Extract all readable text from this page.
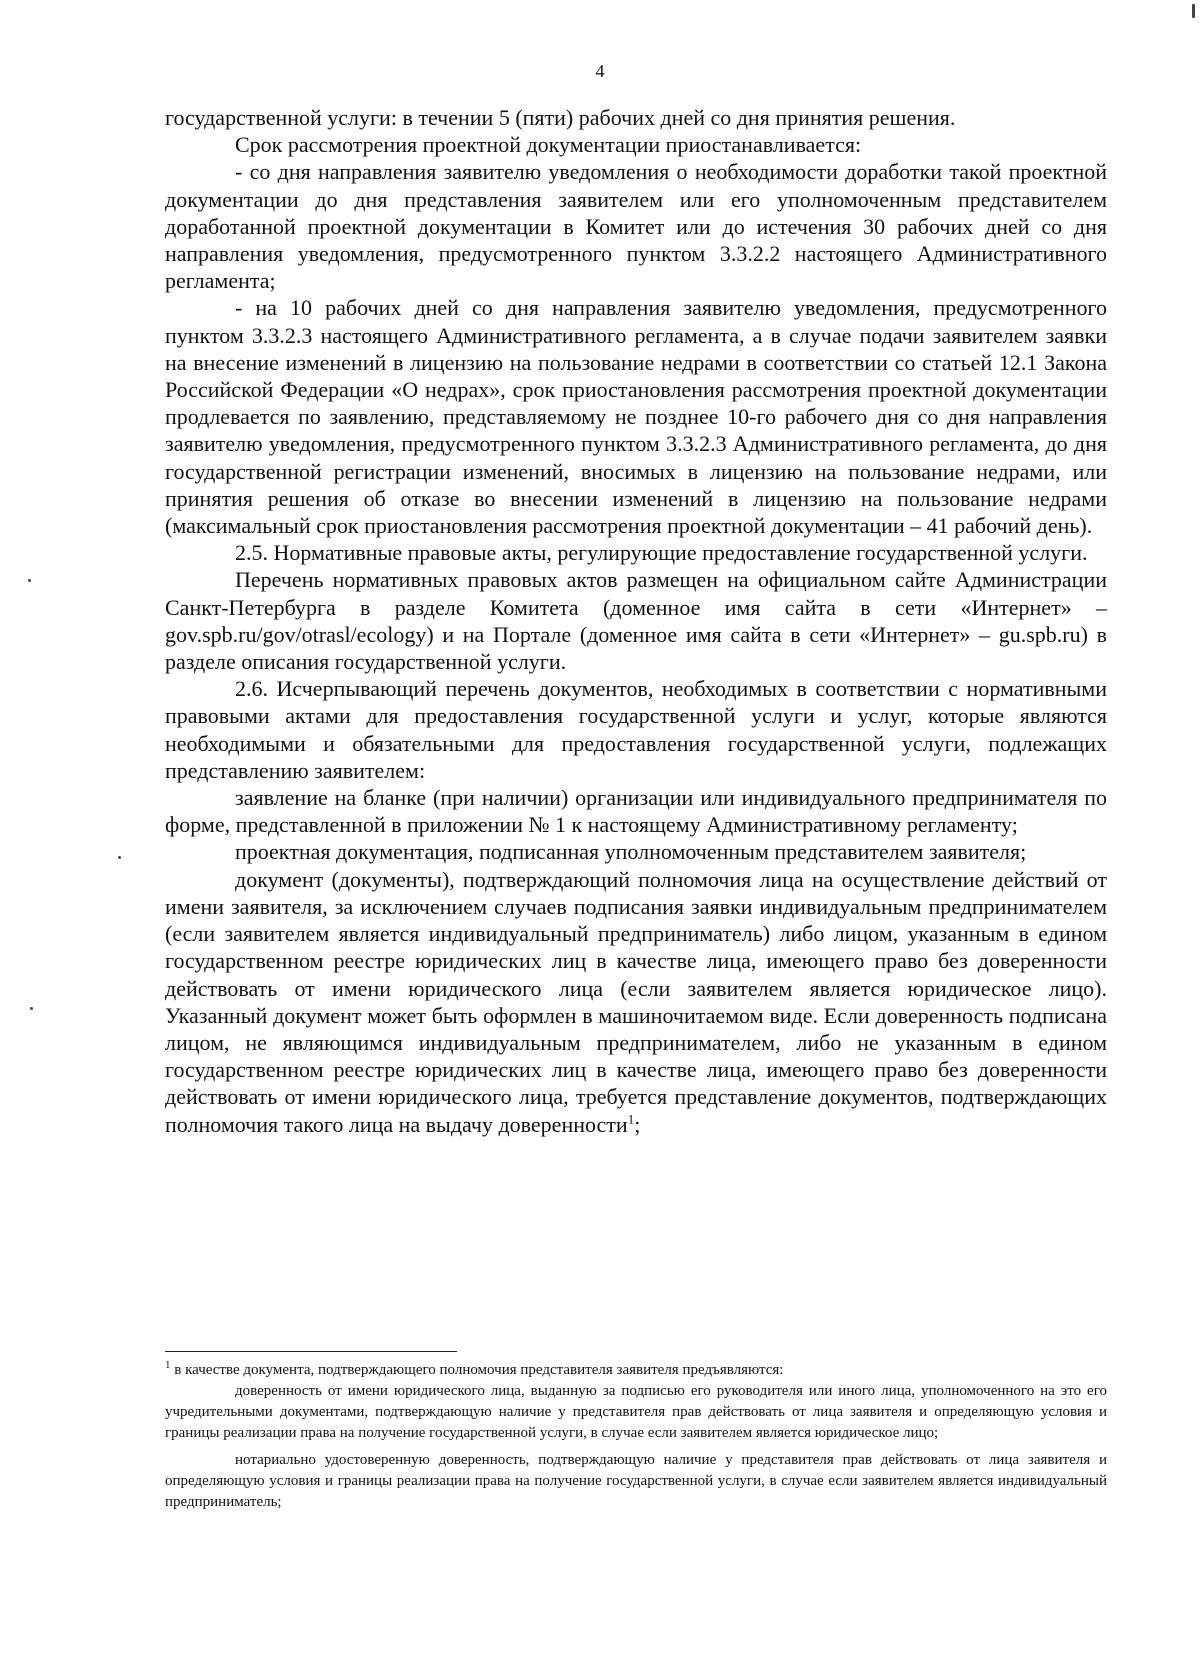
4

государственной услуги: в течении 5 (пяти) рабочих дней со дня принятия решения.

Срок рассмотрения проектной документации приостанавливается:

- со дня направления заявителю уведомления о необходимости доработки такой проектной документации до дня представления заявителем или его уполномоченным представителем доработанной проектной документации в Комитет или до истечения 30 рабочих дней со дня направления уведомления, предусмотренного пунктом 3.3.2.2 настоящего Административного регламента;

- на 10 рабочих дней со дня направления заявителю уведомления, предусмотренного пунктом 3.3.2.3 настоящего Административного регламента, а в случае подачи заявителем заявки на внесение изменений в лицензию на пользование недрами в соответствии со статьей 12.1 Закона Российской Федерации «О недрах», срок приостановления рассмотрения проектной документации продлевается по заявлению, представляемому не позднее 10-го рабочего дня со дня направления заявителю уведомления, предусмотренного пунктом 3.3.2.3 Административного регламента, до дня государственной регистрации изменений, вносимых в лицензию на пользование недрами, или принятия решения об отказе во внесении изменений в лицензию на пользование недрами (максимальный срок приостановления рассмотрения проектной документации – 41 рабочий день).

2.5. Нормативные правовые акты, регулирующие предоставление государственной услуги.

Перечень нормативных правовых актов размещен на официальном сайте Администрации Санкт-Петербурга в разделе Комитета (доменное имя сайта в сети «Интернет» – gov.spb.ru/gov/otrasl/ecology) и на Портале (доменное имя сайта в сети «Интернет» – gu.spb.ru) в разделе описания государственной услуги.

2.6. Исчерпывающий перечень документов, необходимых в соответствии с нормативными правовыми актами для предоставления государственной услуги и услуг, которые являются необходимыми и обязательными для предоставления государственной услуги, подлежащих представлению заявителем:

заявление на бланке (при наличии) организации или индивидуального предпринимателя по форме, представленной в приложении № 1 к настоящему Административному регламенту;

проектная документация, подписанная уполномоченным представителем заявителя;

документ (документы), подтверждающий полномочия лица на осуществление действий от имени заявителя, за исключением случаев подписания заявки индивидуальным предпринимателем (если заявителем является индивидуальный предприниматель) либо лицом, указанным в едином государственном реестре юридических лиц в качестве лица, имеющего право без доверенности действовать от имени юридического лица (если заявителем является юридическое лицо). Указанный документ может быть оформлен в машиночитаемом виде. Если доверенность подписана лицом, не являющимся индивидуальным предпринимателем, либо не указанным в едином государственном реестре юридических лиц в качестве лица, имеющего право без доверенности действовать от имени юридического лица, требуется представление документов, подтверждающих полномочия такого лица на выдачу доверенности$^1$;

$^1$ в качестве документа, подтверждающего полномочия представителя заявителя предъявляются:

доверенность от имени юридического лица, выданную за подписью его руководителя или иного лица, уполномоченного на это его учредительными документами, подтверждающую наличие у представителя прав действовать от лица заявителя и определяющую условия и границы реализации права на получение государственной услуги, в случае если заявителем является юридическое лицо;

нотариально удостоверенную доверенность, подтверждающую наличие у представителя прав действовать от лица заявителя и определяющую условия и границы реализации права на получение государственной услуги, в случае если заявителем является индивидуальный предприниматель;
